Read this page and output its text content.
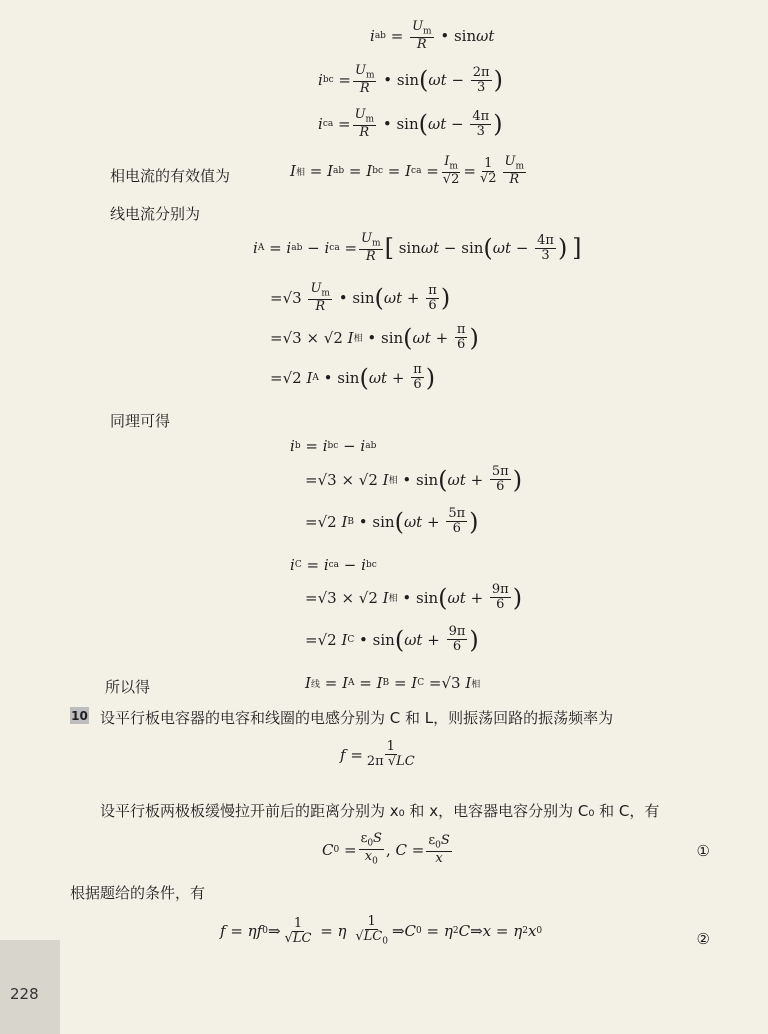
i ab = $\frac{U_m}{R}$ • sin ωt
i bc = $\frac{U_m}{R}$ • sin ( $\omega t - \frac{2\pi}{3}$ )
i ca = $\frac{U_m}{R}$ • sin ( $\omega t - \frac{4\pi}{3}$ )
相电流的有效值为	I 相 = I ab = I bc = I ca = $\frac{I_m}{√2} = \frac{1}{√2} \frac{U_m}{R}$
线电流分别为
i A = i ab − i ca = $\frac{U_m}{R}$ [ sin ωt − sin ( $\omega t - \frac{4\pi}{3}$ )
]
$=√3 \frac{U_m}{R}$ • sin ( $\omega t + \frac{\pi}{6}$ )
=√3 × √2 I 相 • sin ( $\omega t + \frac{\pi}{6}$ )
=√2 I A • sin ( $\omega t + \frac{\pi}{6}$ )
同理可得
i b = i bc − i ab
=√3 × √2 I 相 • sin ( $\omega t + \frac{5\pi}{6}$ )
=√2 I B • sin ( $\omega t + \frac{5\pi}{6}$ )
i C = i ca − i bc
=√3 × √2 I 相 • sin ( $\omega t + \frac{9\pi}{6}$ )
=√2 I C • sin ( $\omega t + \frac{9\pi}{6}$ )
所以得	I 线 = I A = I B = I C =√3 I 相
10 设平行板电容器的电容和线圈的电感分别为 C 和 L，则振荡回路的振荡频率为
$f = \frac{1}{2\pi √LC}$
设平行板两极板缓慢拉开前后的距离分别为 x₀ 和 x，电容器电容分别为 C₀ 和 C，有
C $0 = \frac{\varepsilon_0S}{x_0}$ , $C = \frac{\varepsilon_0S}{x}$	①
根据题给的条件，有
f = ηf 0 ⇒ $\frac{1}{√LC} = \eta$
$\frac{1}{√LC_0}$ ⇒ C 0 = η 2 C ⇒ x = η 2 x 0	②
228
